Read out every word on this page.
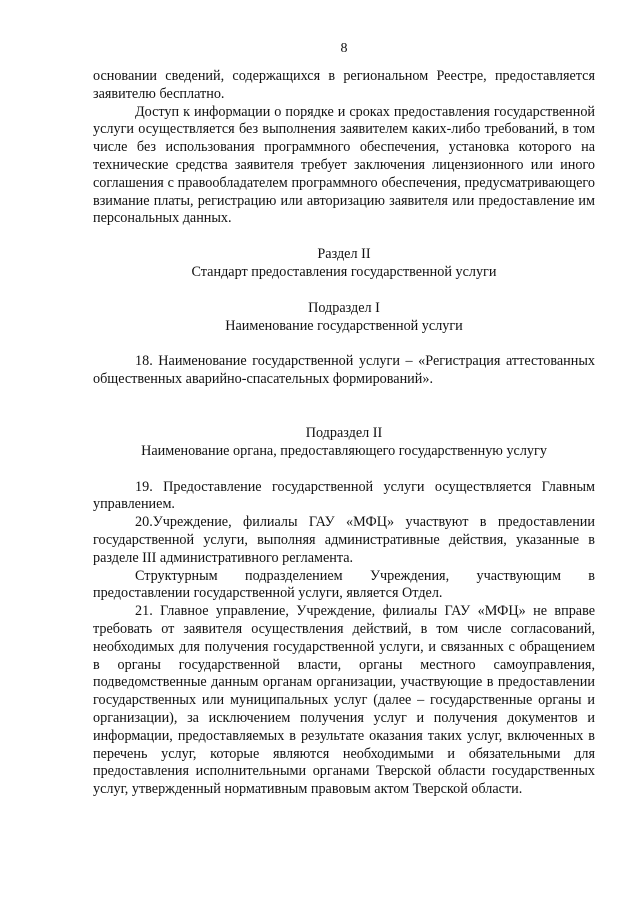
8

основании сведений, содержащихся в региональном Реестре, предоставляется заявителю бесплатно.

Доступ к информации о порядке и сроках предоставления государственной услуги осуществляется без выполнения заявителем каких-либо требований, в том числе без использования программного обеспечения, установка которого на технические средства заявителя требует заключения лицензионного или иного соглашения с правообладателем программного обеспечения, предусматривающего взимание платы, регистрацию или авторизацию заявителя или предоставление им персональных данных.

Раздел II
Стандарт предоставления государственной услуги
Подраздел I
Наименование государственной услуги

18. Наименование государственной услуги – «Регистрация аттестованных общественных аварийно-спасательных формирований».

Подраздел II
Наименование органа, предоставляющего государственную услугу

19. Предоставление государственной услуги осуществляется Главным управлением.

20.Учреждение, филиалы ГАУ «МФЦ» участвуют в предоставлении государственной услуги, выполняя административные действия, указанные в разделе III административного регламента.

Структурным подразделением Учреждения, участвующим в предоставлении государственной услуги, является Отдел.

21. Главное управление, Учреждение, филиалы ГАУ «МФЦ» не вправе требовать от заявителя осуществления действий, в том числе согласований, необходимых для получения государственной услуги, и связанных с обращением в органы государственной власти, органы местного самоуправления, подведомственные данным органам организации, участвующие в предоставлении государственных или муниципальных услуг (далее – государственные органы и организации), за исключением получения услуг и получения документов и информации, предоставляемых в результате оказания таких услуг, включенных в перечень услуг, которые являются необходимыми и обязательными для предоставления исполнительными органами Тверской области государственных услуг, утвержденный нормативным правовым актом Тверской области.
